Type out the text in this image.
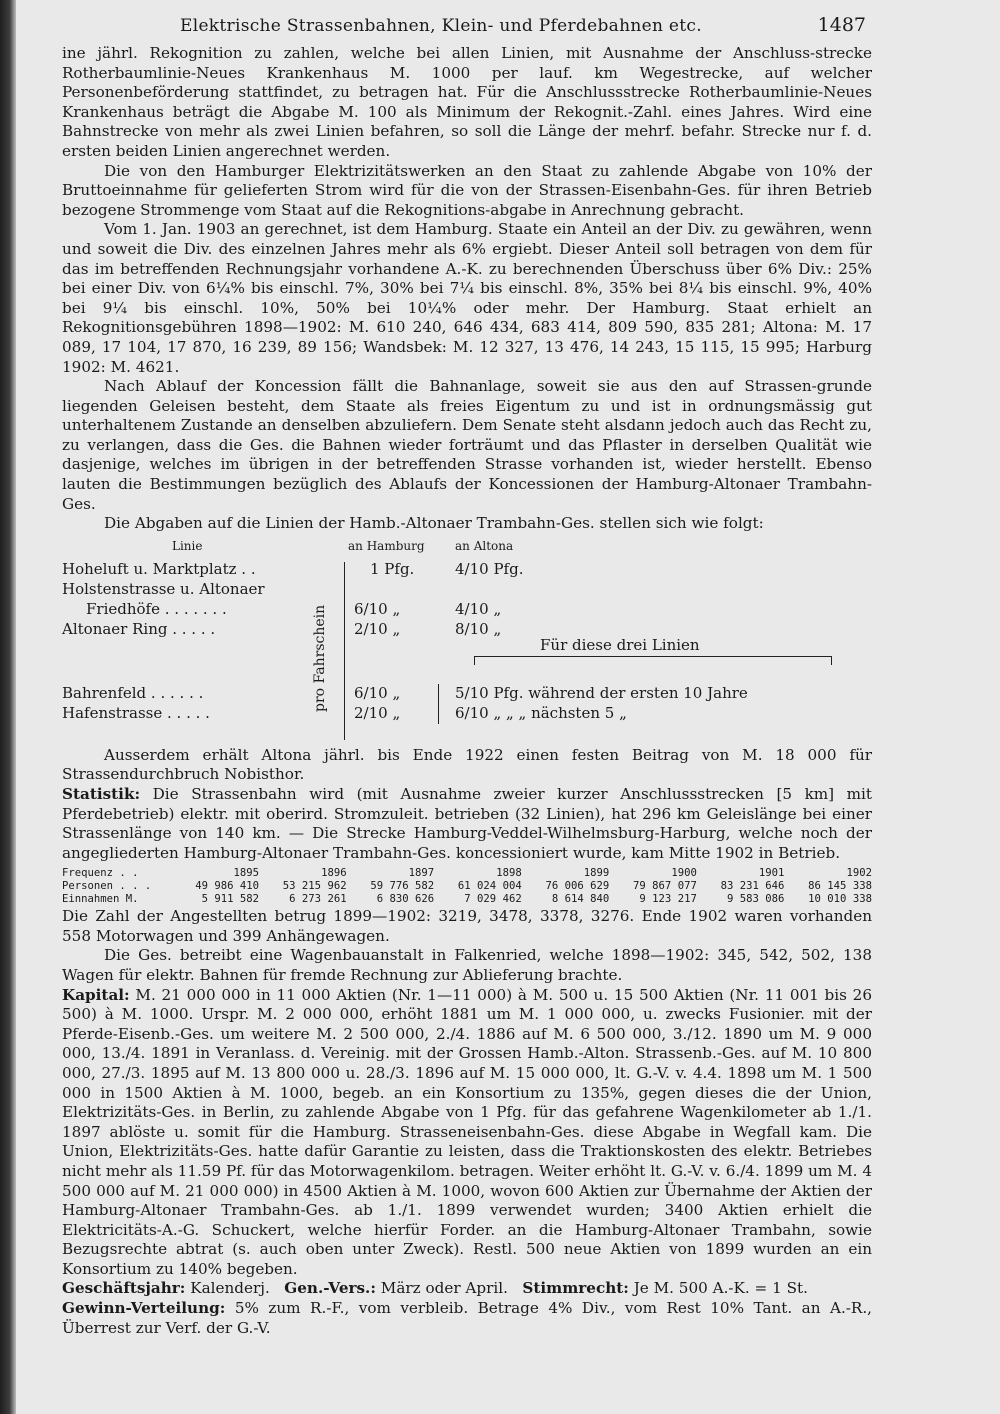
Elektrische Strassenbahnen, Klein- und Pferdebahnen etc.	1487

ine jährl. Rekognition zu zahlen, welche bei allen Linien, mit Ausnahme der Anschluss-strecke Rotherbaumlinie-Neues Krankenhaus M. 1000 per lauf. km Wegestrecke, auf welcher Personenbeförderung stattfindet, zu betragen hat. Für die Anschlussstrecke Rotherbaumlinie-Neues Krankenhaus beträgt die Abgabe M. 100 als Minimum der Rekognit.-Zahl. eines Jahres. Wird eine Bahnstrecke von mehr als zwei Linien befahren, so soll die Länge der mehrf. befahr. Strecke nur f. d. ersten beiden Linien angerechnet werden.

Die von den Hamburger Elektrizitätswerken an den Staat zu zahlende Abgabe von 10% der Bruttoeinnahme für gelieferten Strom wird für die von der Strassen-Eisenbahn-Ges. für ihren Betrieb bezogene Strommenge vom Staat auf die Rekognitions-abgabe in Anrechnung gebracht.

Vom 1. Jan. 1903 an gerechnet, ist dem Hamburg. Staate ein Anteil an der Div. zu gewähren, wenn und soweit die Div. des einzelnen Jahres mehr als 6% ergiebt. Dieser Anteil soll betragen von dem für das im betreffenden Rechnungsjahr vorhandene A.-K. zu berechnenden Überschuss über 6% Div.: 25% bei einer Div. von 6¼% bis einschl. 7%, 30% bei 7¼ bis einschl. 8%, 35% bei 8¼ bis einschl. 9%, 40% bei 9¼ bis einschl. 10%, 50% bei 10¼% oder mehr. Der Hamburg. Staat erhielt an Rekognitionsgebühren 1898—1902: M. 610 240, 646 434, 683 414, 809 590, 835 281; Altona: M. 17 089, 17 104, 17 870, 16 239, 89 156; Wandsbek: M. 12 327, 13 476, 14 243, 15 115, 15 995; Harburg 1902: M. 4621.

Nach Ablauf der Koncession fällt die Bahnanlage, soweit sie aus den auf Strassen-grunde liegenden Geleisen besteht, dem Staate als freies Eigentum zu und ist in ordnungsmässig gut unterhaltenem Zustande an denselben abzuliefern. Dem Senate steht alsdann jedoch auch das Recht zu, zu verlangen, dass die Ges. die Bahnen wieder forträumt und das Pflaster in derselben Qualität wie dasjenige, welches im übrigen in der betreffenden Strasse vorhanden ist, wieder herstellt. Ebenso lauten die Bestimmungen bezüglich des Ablaufs der Koncessionen der Hamburg-Altonaer Trambahn-Ges.

Die Abgaben auf die Linien der Hamb.-Altonaer Trambahn-Ges. stellen sich wie folgt:

Linie	an Hamburg	an Altona
pro Fahrschein
Hoheluft u. Marktplatz . .	1 Pfg.	4/10 Pfg.
Holstenstrasse u. Altonaer
Friedhöfe . . . . . . .	6/10 „	4/10 „
Altonaer Ring . . . . .	2/10 „	8/10 „
Für diese drei Linien
Bahrenfeld . . . . . .	6/10 „	5/10 Pfg. während der ersten 10 Jahre
Hafenstrasse . . . . .	2/10 „	6/10 „ „ „ nächsten 5 „

Ausserdem erhält Altona jährl. bis Ende 1922 einen festen Beitrag von M. 18 000 für Strassendurchbruch Nobisthor.

Statistik: Die Strassenbahn wird (mit Ausnahme zweier kurzer Anschlussstrecken [5 km] mit Pferdebetrieb) elektr. mit oberird. Stromzuleit. betrieben (32 Linien), hat 296 km Geleislänge bei einer Strassenlänge von 140 km. — Die Strecke Hamburg-Veddel-Wilhelmsburg-Harburg, welche noch der angegliederten Hamburg-Altonaer Trambahn-Ges. koncessioniert wurde, kam Mitte 1902 in Betrieb.

Frequenz . .	1895	1896	1897	1898	1899	1900	1901	1902
Personen . . .	49 986 410	53 215 962	59 776 582	61 024 004	76 006 629	79 867 077	83 231 646	86 145 338
Einnahmen M.	5 911 582	6 273 261	6 830 626	7 029 462	8 614 840	9 123 217	9 583 086	10 010 338

Die Zahl der Angestellten betrug 1899—1902: 3219, 3478, 3378, 3276. Ende 1902 waren vorhanden 558 Motorwagen und 399 Anhängewagen.

Die Ges. betreibt eine Wagenbauanstalt in Falkenried, welche 1898—1902: 345, 542, 502, 138 Wagen für elektr. Bahnen für fremde Rechnung zur Ablieferung brachte.

Kapital: M. 21 000 000 in 11 000 Aktien (Nr. 1—11 000) à M. 500 u. 15 500 Aktien (Nr. 11 001 bis 26 500) à M. 1000. Urspr. M. 2 000 000, erhöht 1881 um M. 1 000 000, u. zwecks Fusionier. mit der Pferde-Eisenb.-Ges. um weitere M. 2 500 000, 2./4. 1886 auf M. 6 500 000, 3./12. 1890 um M. 9 000 000, 13./4. 1891 in Veranlass. d. Vereinig. mit der Grossen Hamb.-Alton. Strassenb.-Ges. auf M. 10 800 000, 27./3. 1895 auf M. 13 800 000 u. 28./3. 1896 auf M. 15 000 000, lt. G.-V. v. 4.4. 1898 um M. 1 500 000 in 1500 Aktien à M. 1000, begeb. an ein Konsortium zu 135%, gegen dieses die der Union, Elektrizitäts-Ges. in Berlin, zu zahlende Abgabe von 1 Pfg. für das gefahrene Wagenkilometer ab 1./1. 1897 ablöste u. somit für die Hamburg. Strasseneisenbahn-Ges. diese Abgabe in Wegfall kam. Die Union, Elektrizitäts-Ges. hatte dafür Garantie zu leisten, dass die Traktionskosten des elektr. Betriebes nicht mehr als 11.59 Pf. für das Motorwagenkilom. betragen. Weiter erhöht lt. G.-V. v. 6./4. 1899 um M. 4 500 000 auf M. 21 000 000) in 4500 Aktien à M. 1000, wovon 600 Aktien zur Übernahme der Aktien der Hamburg-Altonaer Trambahn-Ges. ab 1./1. 1899 verwendet wurden; 3400 Aktien erhielt die Elektricitäts-A.-G. Schuckert, welche hierfür Forder. an die Hamburg-Altonaer Trambahn, sowie Bezugsrechte abtrat (s. auch oben unter Zweck). Restl. 500 neue Aktien von 1899 wurden an ein Konsortium zu 140% begeben.

Geschäftsjahr: Kalenderj. Gen.-Vers.: März oder April. Stimmrecht: Je M. 500 A.-K. = 1 St.

Gewinn-Verteilung: 5% zum R.-F., vom verbleib. Betrage 4% Div., vom Rest 10% Tant. an A.-R., Überrest zur Verf. der G.-V.
